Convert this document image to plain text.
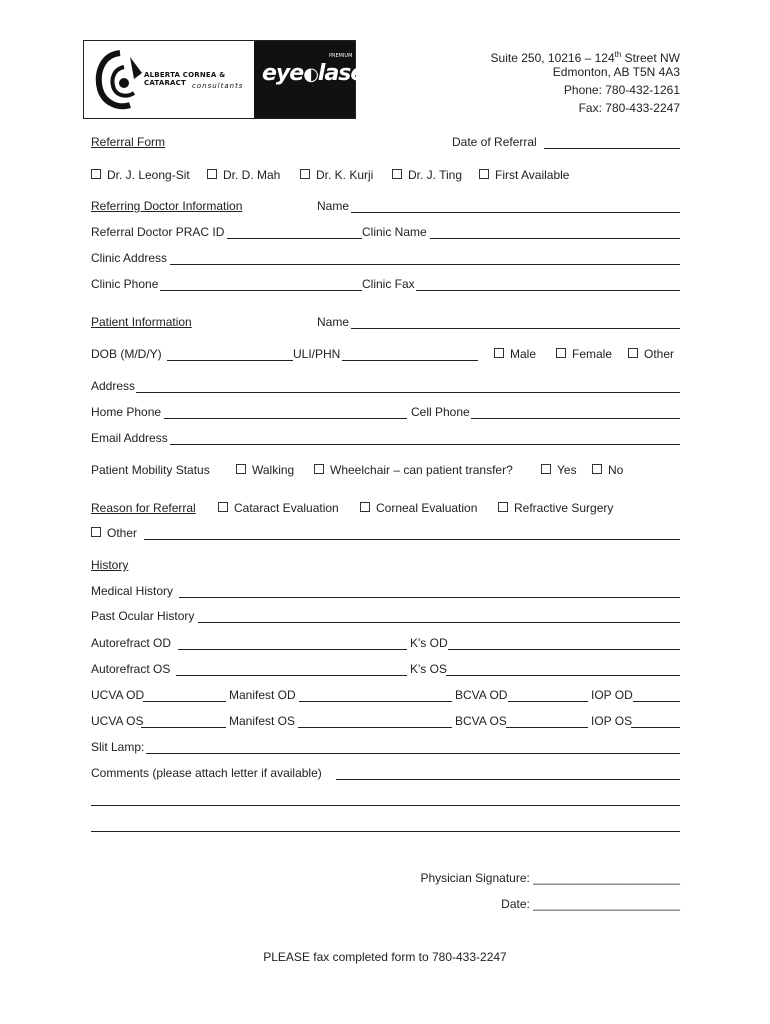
ALBERTA CORNEA & CATARACT consultants eye◐laser
PREMIUM	Suite 250, 10216 – 124th Street NW
Edmonton, AB T5N 4A3
Phone: 780-432-1261
Fax: 780-433-2247
Referral Form	Date of Referral
Dr. J. Leong-Sit	Dr. D. Mah	Dr. K. Kurji	Dr. J. Ting	First Available
Referring Doctor Information	Name
Referral Doctor PRAC ID	Clinic Name
Clinic Address
Clinic Phone	Clinic Fax
Patient Information	Name
DOB (M/D/Y)	ULI/PHN	Male	Female	Other
Address
Home Phone	Cell Phone
Email Address
Patient Mobility Status	Walking	Wheelchair – can patient transfer?	Yes	No
Reason for Referral	Cataract Evaluation	Corneal Evaluation	Refractive Surgery
Other
History
Medical History
Past Ocular History
Autorefract OD	K's OD
Autorefract OS	K's OS
UCVA OD	Manifest OD	BCVA OD	IOP OD
UCVA OS	Manifest OS	BCVA OS	IOP OS
Slit Lamp:
Comments (please attach letter if available)
Physician Signature: ______________________
Date: ______________________
PLEASE fax completed form to 780-433-2247
